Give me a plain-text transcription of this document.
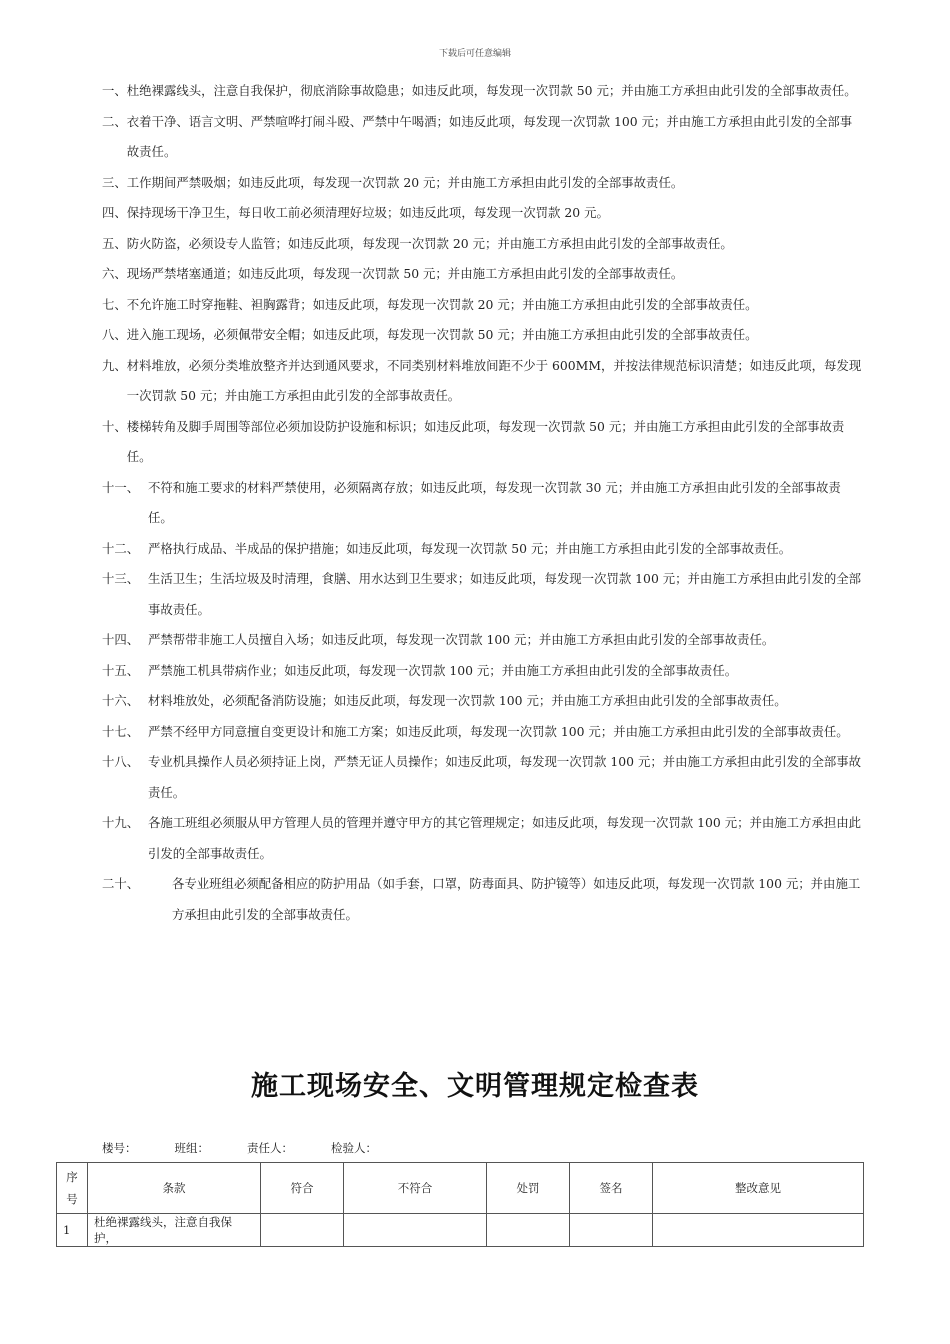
下载后可任意编辑
一、 杜绝裸露线头，注意自我保护，彻底消除事故隐患；如违反此项，每发现一次罚款 50 元；并由施工方承担由此引发的全部事故责任。
二、 衣着干净、语言文明、严禁喧哗打闹斗殴、严禁中午喝酒；如违反此项，每发现一次罚款 100 元；并由施工方承担由此引发的全部事故责任。
三、 工作期间严禁吸烟；如违反此项，每发现一次罚款 20 元；并由施工方承担由此引发的全部事故责任。
四、 保持现场干净卫生，每日收工前必须清理好垃圾；如违反此项，每发现一次罚款 20 元。
五、 防火防盗，必须设专人监管；如违反此项，每发现一次罚款 20 元；并由施工方承担由此引发的全部事故责任。
六、 现场严禁堵塞通道；如违反此项，每发现一次罚款 50 元；并由施工方承担由此引发的全部事故责任。
七、 不允许施工时穿拖鞋、袒胸露背；如违反此项，每发现一次罚款 20 元；并由施工方承担由此引发的全部事故责任。
八、 进入施工现场，必须佩带安全帽；如违反此项，每发现一次罚款 50 元；并由施工方承担由此引发的全部事故责任。
九、 材料堆放，必须分类堆放整齐并达到通风要求，不同类别材料堆放间距不少于 600MM，并按法律规范标识清楚；如违反此项，每发现一次罚款 50 元；并由施工方承担由此引发的全部事故责任。
十、 楼梯转角及脚手周围等部位必须加设防护设施和标识；如违反此项，每发现一次罚款 50 元；并由施工方承担由此引发的全部事故责任。
十一、 不符和施工要求的材料严禁使用，必须隔离存放；如违反此项，每发现一次罚款 30 元；并由施工方承担由此引发的全部事故责任。
十二、 严格执行成品、半成品的保护措施；如违反此项，每发现一次罚款 50 元；并由施工方承担由此引发的全部事故责任。
十三、 生活卫生；生活垃圾及时清理，食膳、用水达到卫生要求；如违反此项，每发现一次罚款 100 元；并由施工方承担由此引发的全部事故责任。
十四、 严禁帮带非施工人员擅自入场；如违反此项，每发现一次罚款 100 元；并由施工方承担由此引发的全部事故责任。
十五、 严禁施工机具带病作业；如违反此项，每发现一次罚款 100 元；并由施工方承担由此引发的全部事故责任。
十六、 材料堆放处，必须配备消防设施；如违反此项，每发现一次罚款 100 元；并由施工方承担由此引发的全部事故责任。
十七、 严禁不经甲方同意擅自变更设计和施工方案；如违反此项，每发现一次罚款 100 元；并由施工方承担由此引发的全部事故责任。
十八、 专业机具操作人员必须持证上岗，严禁无证人员操作；如违反此项，每发现一次罚款 100 元；并由施工方承担由此引发的全部事故责任。
十九、 各施工班组必须服从甲方管理人员的管理并遵守甲方的其它管理规定；如违反此项，每发现一次罚款 100 元；并由施工方承担由此引发的全部事故责任。
二十、	各专业班组必须配备相应的防护用品（如手套，口罩，防毒面具、防护镜等）如违反此项，每发现一次罚款 100 元；并由施工方承担由此引发的全部事故责任。
施工现场安全、文明管理规定检查表
楼号：	班组：	责任人：	检验人：
序
号	条款	符合	不符合	处罚	签名	整改意见
1	杜绝裸露线头，注意自我保护，					
